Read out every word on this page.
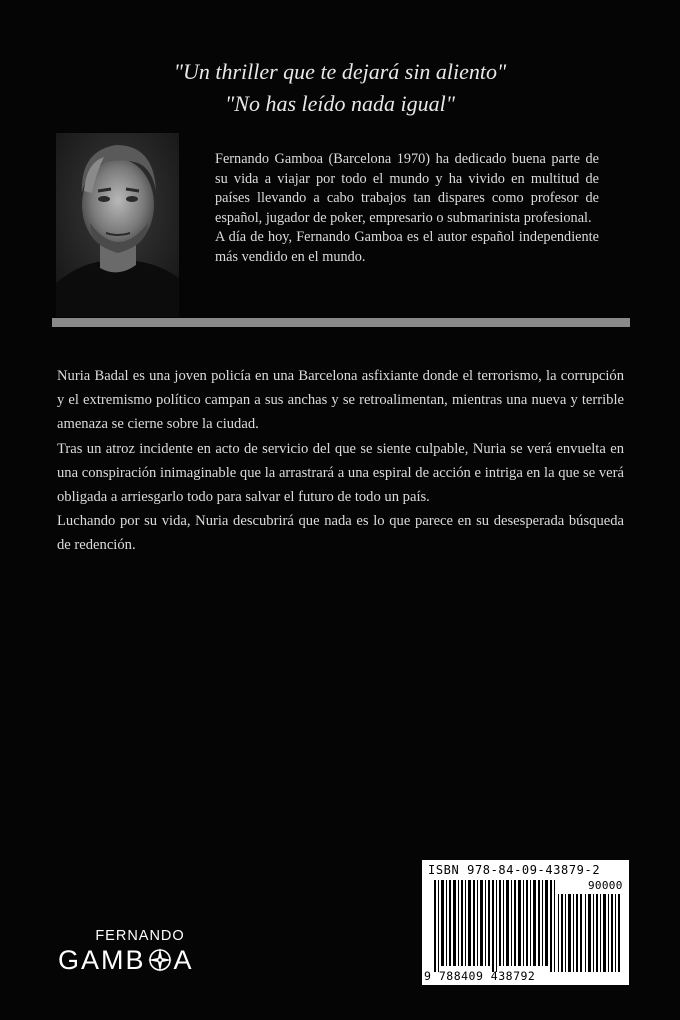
"Un thriller que te dejará sin aliento"
"No has leído nada igual"

Fernando Gamboa (Barcelona 1970) ha dedicado buena parte de su vida a viajar por todo el mundo y ha vivido en multitud de países llevando a cabo trabajos tan dispares como profesor de español, jugador de poker, empresario o submarinista profesional.

A día de hoy, Fernando Gamboa es el autor español independiente más vendido en el mundo.

Nuria Badal es una joven policía en una Barcelona asfixiante donde el terrorismo, la corrupción y el extremismo político campan a sus anchas y se retroalimentan, mientras una nueva y terrible amenaza se cierne sobre la ciudad.

Tras un atroz incidente en acto de servicio del que se siente culpable, Nuria se verá envuelta en una conspiración inimaginable que la arrastrará a una espiral de acción e intriga en la que se verá obligada a arriesgarlo todo para salvar el futuro de todo un país.

Luchando por su vida, Nuria descubrirá que nada es lo que parece en su desesperada búsqueda de redención.

FERNANDO
GAMB A
ISBN 978-84-09-43879-2
90000
9 788409 438792
